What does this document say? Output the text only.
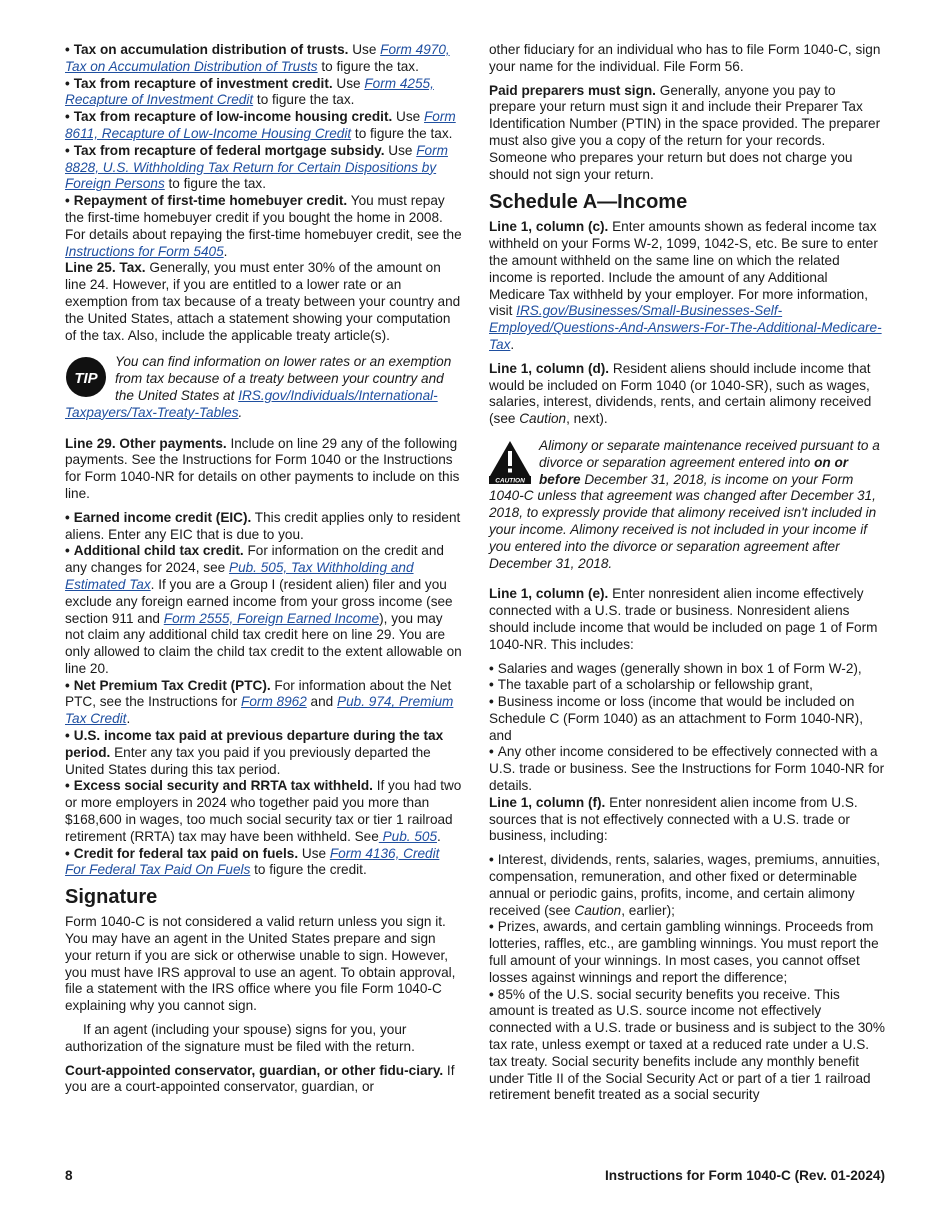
• Tax on accumulation distribution of trusts. Use Form 4970, Tax on Accumulation Distribution of Trusts to figure the tax.

• Tax from recapture of investment credit. Use Form 4255, Recapture of Investment Credit to figure the tax.

• Tax from recapture of low-income housing credit. Use Form 8611, Recapture of Low-Income Housing Credit to figure the tax.

• Tax from recapture of federal mortgage subsidy. Use Form 8828, U.S. Withholding Tax Return for Certain Dispositions by Foreign Persons to figure the tax.

• Repayment of first-time homebuyer credit. You must repay the first-time homebuyer credit if you bought the home in 2008. For details about repaying the first-time homebuyer credit, see the Instructions for Form 5405.

Line 25. Tax. Generally, you must enter 30% of the amount on line 24. However, if you are entitled to a lower rate or an exemption from tax because of a treaty between your country and the United States, attach a statement showing your computation of the tax. Also, include the applicable treaty article(s).

TIP
You can find information on lower rates or an exemption from tax because of a treaty between your country and the United States at IRS.gov/Individuals/International-Taxpayers/Tax-Treaty-Tables.

Line 29. Other payments. Include on line 29 any of the following payments. See the Instructions for Form 1040 or the Instructions for Form 1040-NR for details on other payments to include on this line.

• Earned income credit (EIC). This credit applies only to resident aliens. Enter any EIC that is due to you.

• Additional child tax credit. For information on the credit and any changes for 2024, see Pub. 505, Tax Withholding and Estimated Tax. If you are a Group I (resident alien) filer and you exclude any foreign earned income from your gross income (see section 911 and Form 2555, Foreign Earned Income), you may not claim any additional child tax credit here on line 29. You are only allowed to claim the child tax credit to the extent allowable on line 20.

• Net Premium Tax Credit (PTC). For information about the Net PTC, see the Instructions for Form 8962 and Pub. 974, Premium Tax Credit.

• U.S. income tax paid at previous departure during the tax period. Enter any tax you paid if you previously departed the United States during this tax period.

• Excess social security and RRTA tax withheld. If you had two or more employers in 2024 who together paid you more than $168,600 in wages, too much social security tax or tier 1 railroad retirement (RRTA) tax may have been withheld. See Pub. 505.

• Credit for federal tax paid on fuels. Use Form 4136, Credit For Federal Tax Paid On Fuels to figure the credit.

Signature

Form 1040-C is not considered a valid return unless you sign it. You may have an agent in the United States prepare and sign your return if you are sick or otherwise unable to sign. However, you must have IRS approval to use an agent. To obtain approval, file a statement with the IRS office where you file Form 1040-C explaining why you cannot sign.

If an agent (including your spouse) signs for you, your authorization of the signature must be filed with the return.

Court-appointed conservator, guardian, or other fidu-ciary. If you are a court-appointed conservator, guardian, or

other fiduciary for an individual who has to file Form 1040-C, sign your name for the individual. File Form 56.

Paid preparers must sign. Generally, anyone you pay to prepare your return must sign it and include their Preparer Tax Identification Number (PTIN) in the space provided. The preparer must also give you a copy of the return for your records. Someone who prepares your return but does not charge you should not sign your return.

Schedule A—Income

Line 1, column (c). Enter amounts shown as federal income tax withheld on your Forms W-2, 1099, 1042-S, etc. Be sure to enter the amount withheld on the same line on which the related income is reported. Include the amount of any Additional Medicare Tax withheld by your employer. For more information, visit IRS.gov/Businesses/Small-Businesses-Self-Employed/Questions-And-Answers-For-The-Additional-Medicare-Tax.

Line 1, column (d). Resident aliens should include income that would be included on Form 1040 (or 1040-SR), such as wages, salaries, interest, dividends, rents, and certain alimony received (see Caution, next).

CAUTION
Alimony or separate maintenance received pursuant to a divorce or separation agreement entered into on or before December 31, 2018, is income on your Form 1040-C unless that agreement was changed after December 31, 2018, to expressly provide that alimony received isn't included in your income. Alimony received is not included in your income if you entered into the divorce or separation agreement after December 31, 2018.

Line 1, column (e). Enter nonresident alien income effectively connected with a U.S. trade or business. Nonresident aliens should include income that would be included on page 1 of Form 1040-NR. This includes:

• Salaries and wages (generally shown in box 1 of Form W-2),

• The taxable part of a scholarship or fellowship grant,

• Business income or loss (income that would be included on Schedule C (Form 1040) as an attachment to Form 1040-NR), and

• Any other income considered to be effectively connected with a U.S. trade or business. See the Instructions for Form 1040-NR for details.

Line 1, column (f). Enter nonresident alien income from U.S. sources that is not effectively connected with a U.S. trade or business, including:

• Interest, dividends, rents, salaries, wages, premiums, annuities, compensation, remuneration, and other fixed or determinable annual or periodic gains, profits, income, and certain alimony received (see Caution, earlier);

• Prizes, awards, and certain gambling winnings. Proceeds from lotteries, raffles, etc., are gambling winnings. You must report the full amount of your winnings. In most cases, you cannot offset losses against winnings and report the difference;

• 85% of the U.S. social security benefits you receive. This amount is treated as U.S. source income not effectively connected with a U.S. trade or business and is subject to the 30% tax rate, unless exempt or taxed at a reduced rate under a U.S. tax treaty. Social security benefits include any monthly benefit under Title II of the Social Security Act or part of a tier 1 railroad retirement benefit treated as a social security

8	Instructions for Form 1040-C (Rev. 01-2024)
